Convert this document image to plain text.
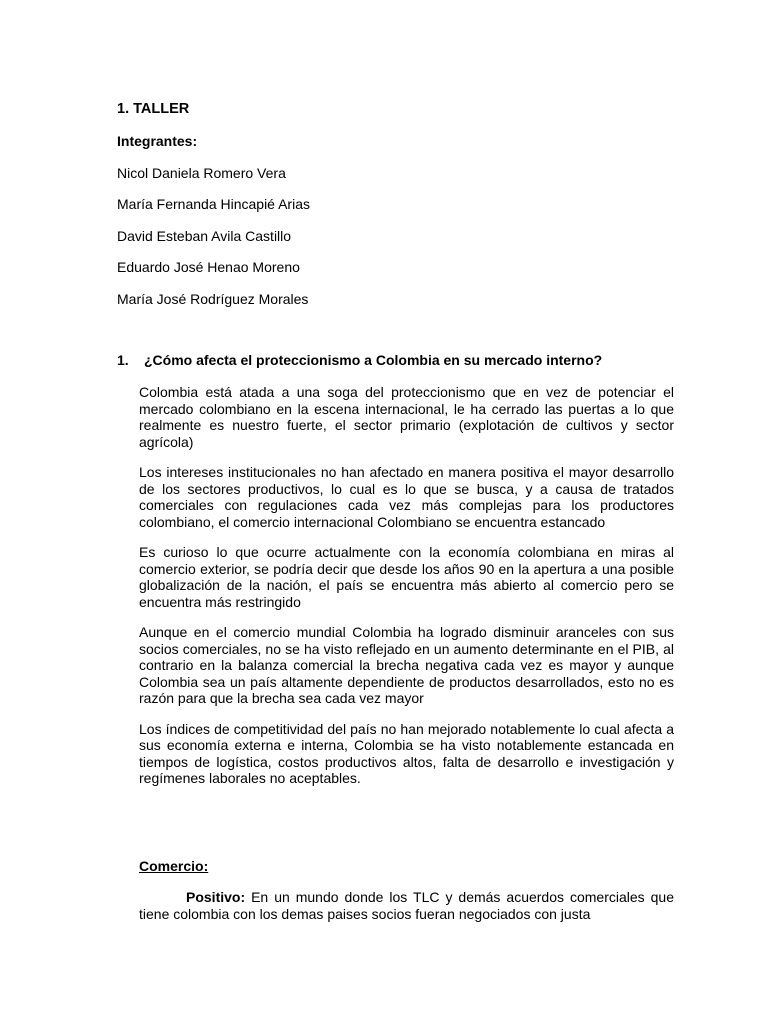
1. TALLER
Integrantes:
Nicol Daniela Romero Vera
María Fernanda Hincapié Arias
David Esteban Avila Castillo
Eduardo José Henao Moreno
María José Rodríguez Morales
1. ¿Cómo afecta el proteccionismo a Colombia en su mercado interno?

Colombia está atada a una soga del proteccionismo que en vez de potenciar el mercado colombiano en la escena internacional, le ha cerrado las puertas a lo que realmente es nuestro fuerte, el sector primario (explotación de cultivos y sector agrícola)

Los intereses institucionales no han afectado en manera positiva el mayor desarrollo de los sectores productivos, lo cual es lo que se busca, y a causa de tratados comerciales con regulaciones cada vez más complejas para los productores colombiano, el comercio internacional Colombiano se encuentra estancado

Es curioso lo que ocurre actualmente con la economía colombiana en miras al comercio exterior, se podría decir que desde los años 90 en la apertura a una posible globalización de la nación, el país se encuentra más abierto al comercio pero se encuentra más restringido

Aunque en el comercio mundial Colombia ha logrado disminuir aranceles con sus socios comerciales, no se ha visto reflejado en un aumento determinante en el PIB, al contrario en la balanza comercial la brecha negativa cada vez es mayor y aunque Colombia sea un país altamente dependiente de productos desarrollados, esto no es razón para que la brecha sea cada vez mayor

Los índices de competitividad del país no han mejorado notablemente lo cual afecta a sus economía externa e interna, Colombia se ha visto notablemente estancada en tiempos de logística, costos productivos altos, falta de desarrollo e investigación y regímenes laborales no aceptables.

Comercio:

Positivo: En un mundo donde los TLC y demás acuerdos comerciales que tiene colombia con los demas paises socios fueran negociados con justa
